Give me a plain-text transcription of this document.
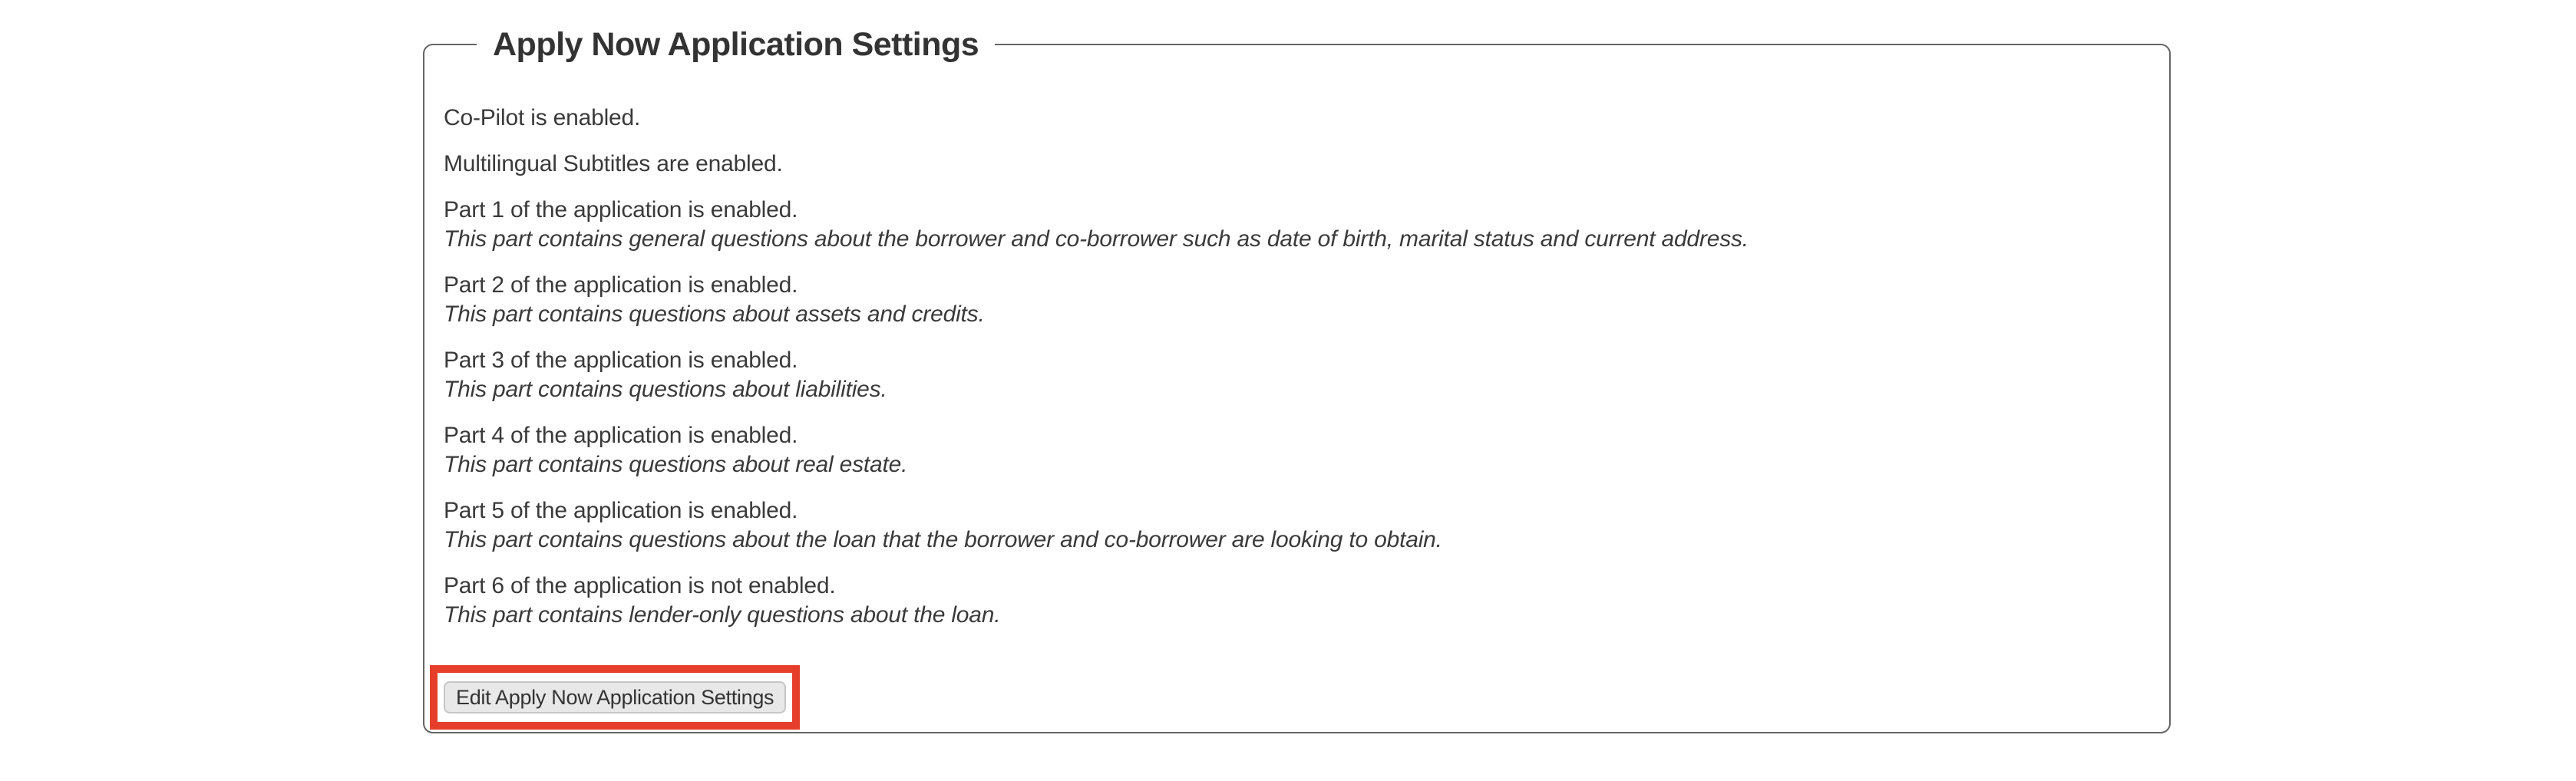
Apply Now Application Settings

Co-Pilot is enabled.

Multilingual Subtitles are enabled.

Part 1 of the application is enabled.
This part contains general questions about the borrower and co-borrower such as date of birth, marital status and current address.
Part 2 of the application is enabled.
This part contains questions about assets and credits.
Part 3 of the application is enabled.
This part contains questions about liabilities.
Part 4 of the application is enabled.
This part contains questions about real estate.
Part 5 of the application is enabled.
This part contains questions about the loan that the borrower and co-borrower are looking to obtain.
Part 6 of the application is not enabled.
This part contains lender-only questions about the loan.
Edit Apply Now Application Settings
